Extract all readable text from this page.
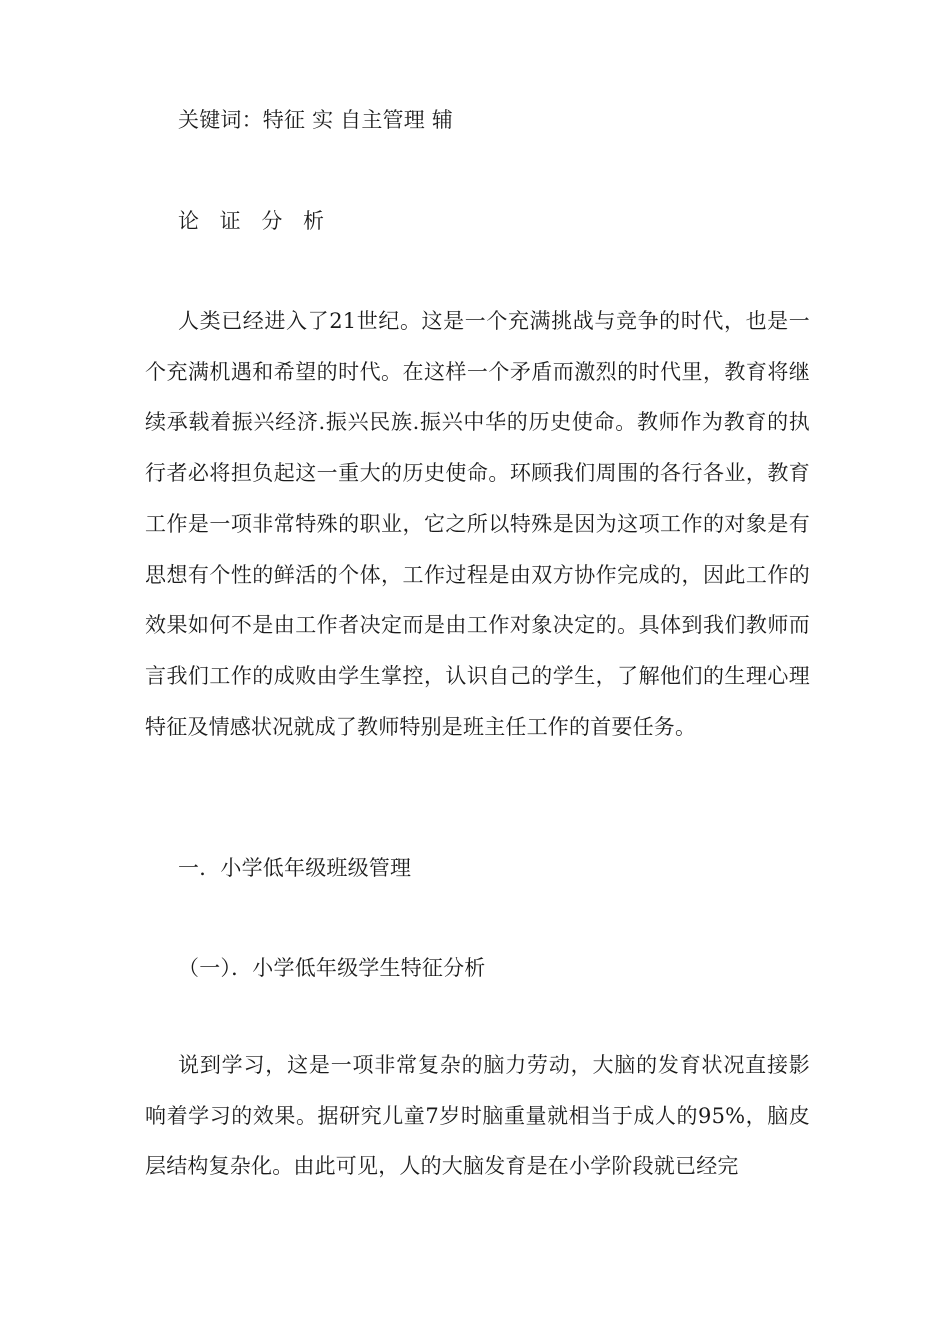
关键词：特征 实 自主管理 辅
论 证 分 析
人类已经进入了21世纪。这是一个充满挑战与竞争的时代，也是一个充满机遇和希望的时代。在这样一个矛盾而激烈的时代里，教育将继续承载着振兴经济.振兴民族.振兴中华的历史使命。教师作为教育的执行者必将担负起这一重大的历史使命。环顾我们周围的各行各业，教育工作是一项非常特殊的职业，它之所以特殊是因为这项工作的对象是有思想有个性的鲜活的个体，工作过程是由双方协作完成的，因此工作的效果如何不是由工作者决定而是由工作对象决定的。具体到我们教师而言我们工作的成败由学生掌控，认识自己的学生，了解他们的生理心理特征及情感状况就成了教师特别是班主任工作的首要任务。
一．小学低年级班级管理
（一）．小学低年级学生特征分析
说到学习，这是一项非常复杂的脑力劳动，大脑的发育状况直接影响着学习的效果。据研究儿童7岁时脑重量就相当于成人的95%，脑皮层结构复杂化。由此可见，人的大脑发育是在小学阶段就已经完
